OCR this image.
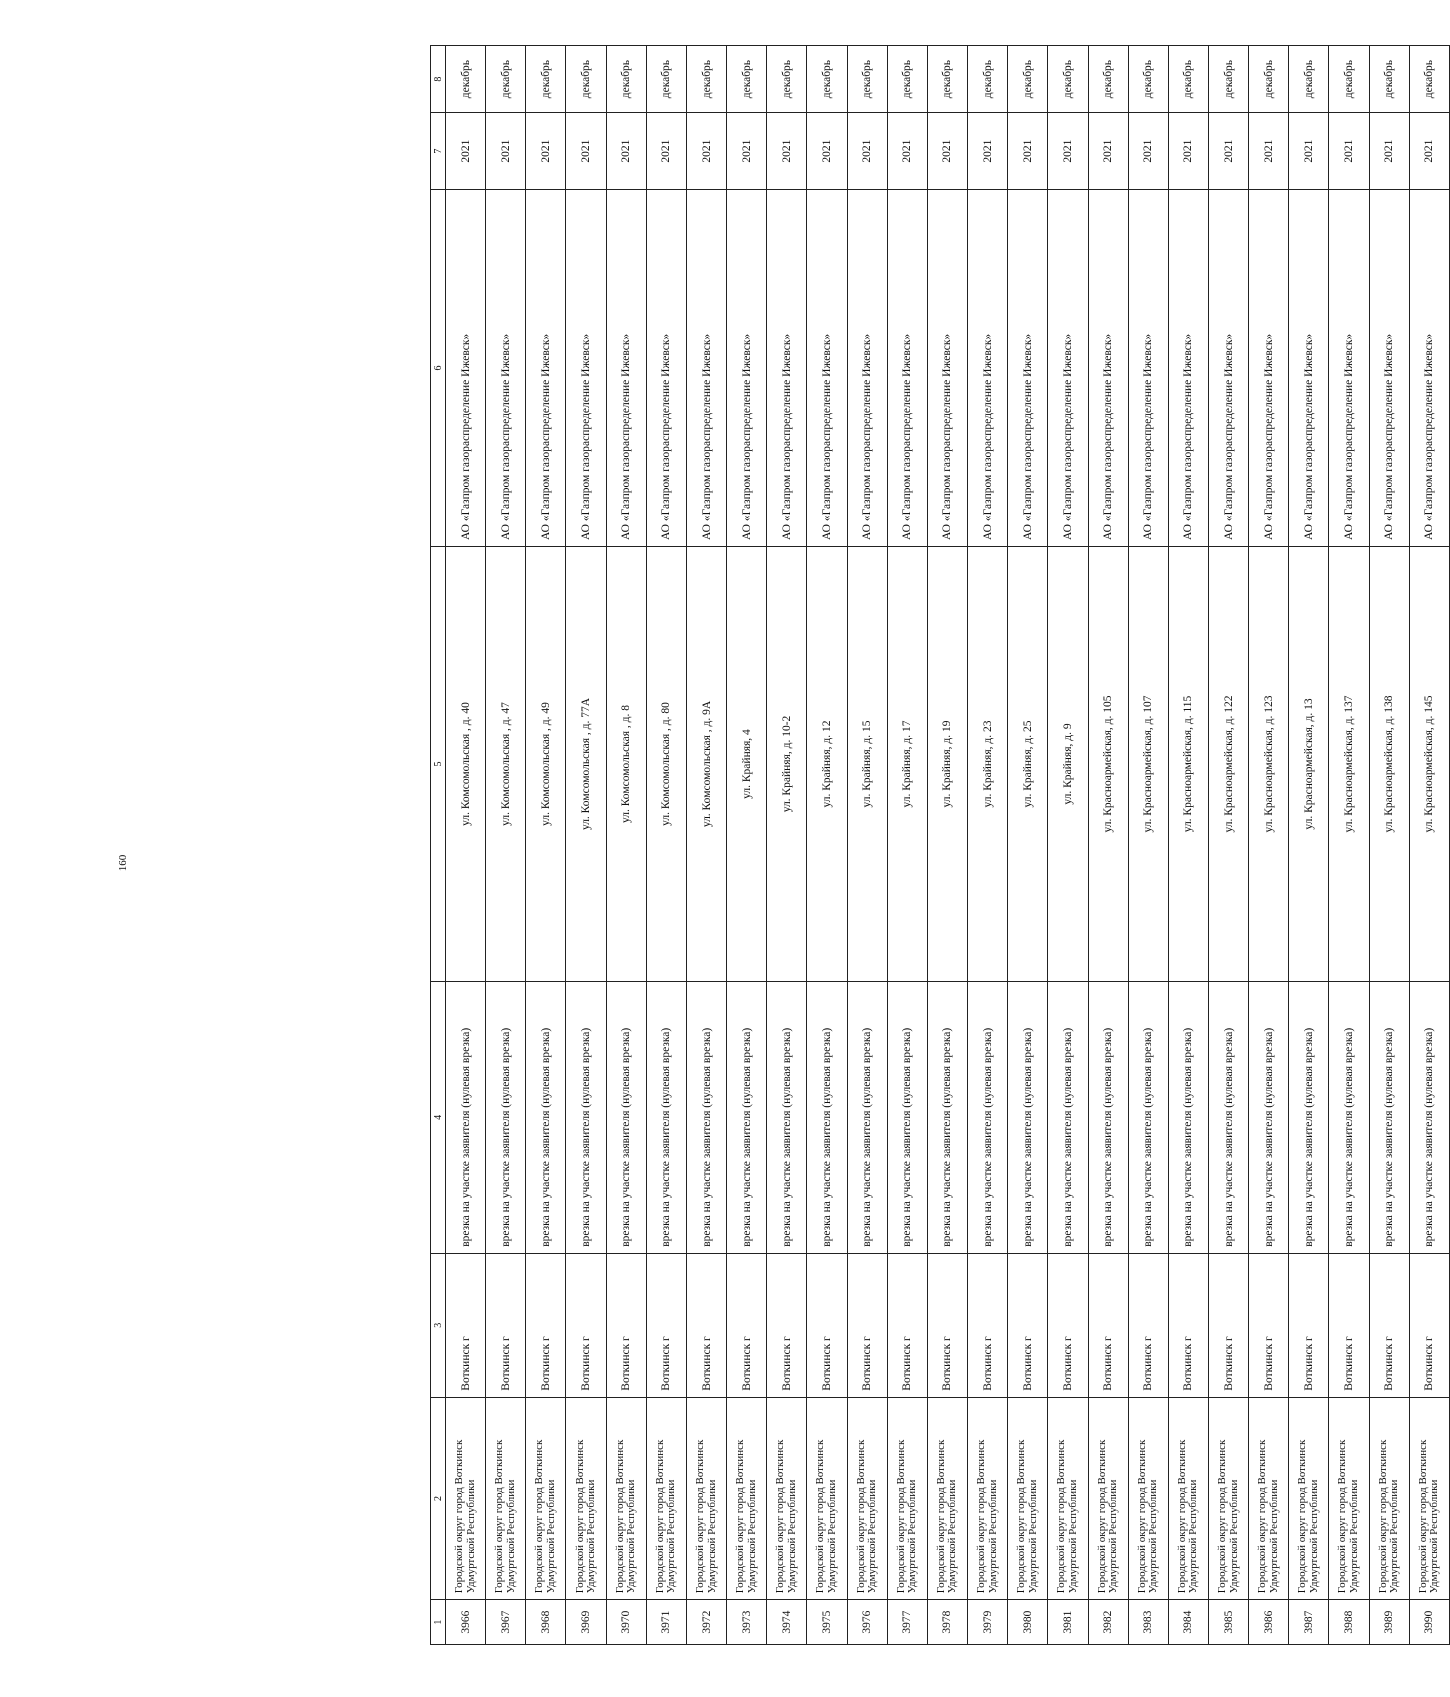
160
1	2	3	4	5	6	7	8
3966	Городской округ город Воткинск Удмуртской Республики	Воткинск г	врезка на участке заявителя (нулевая врезка)	ул. Комсомольская , д. 40	АО «Газпром газораспределение Ижевск»	2021	декабрь
3967	Городской округ город Воткинск Удмуртской Республики	Воткинск г	врезка на участке заявителя (нулевая врезка)	ул. Комсомольская , д. 47	АО «Газпром газораспределение Ижевск»	2021	декабрь
3968	Городской округ город Воткинск Удмуртской Республики	Воткинск г	врезка на участке заявителя (нулевая врезка)	ул. Комсомольская , д. 49	АО «Газпром газораспределение Ижевск»	2021	декабрь
3969	Городской округ город Воткинск Удмуртской Республики	Воткинск г	врезка на участке заявителя (нулевая врезка)	ул. Комсомольская , д. 77А	АО «Газпром газораспределение Ижевск»	2021	декабрь
3970	Городской округ город Воткинск Удмуртской Республики	Воткинск г	врезка на участке заявителя (нулевая врезка)	ул. Комсомольская , д. 8	АО «Газпром газораспределение Ижевск»	2021	декабрь
3971	Городской округ город Воткинск Удмуртской Республики	Воткинск г	врезка на участке заявителя (нулевая врезка)	ул. Комсомольская , д. 80	АО «Газпром газораспределение Ижевск»	2021	декабрь
3972	Городской округ город Воткинск Удмуртской Республики	Воткинск г	врезка на участке заявителя (нулевая врезка)	ул. Комсомольская , д. 9А	АО «Газпром газораспределение Ижевск»	2021	декабрь
3973	Городской округ город Воткинск Удмуртской Республики	Воткинск г	врезка на участке заявителя (нулевая врезка)	ул. Крайняя, 4	АО «Газпром газораспределение Ижевск»	2021	декабрь
3974	Городской округ город Воткинск Удмуртской Республики	Воткинск г	врезка на участке заявителя (нулевая врезка)	ул. Крайняя, д. 10-2	АО «Газпром газораспределение Ижевск»	2021	декабрь
3975	Городской округ город Воткинск Удмуртской Республики	Воткинск г	врезка на участке заявителя (нулевая врезка)	ул. Крайняя, д. 12	АО «Газпром газораспределение Ижевск»	2021	декабрь
3976	Городской округ город Воткинск Удмуртской Республики	Воткинск г	врезка на участке заявителя (нулевая врезка)	ул. Крайняя, д. 15	АО «Газпром газораспределение Ижевск»	2021	декабрь
3977	Городской округ город Воткинск Удмуртской Республики	Воткинск г	врезка на участке заявителя (нулевая врезка)	ул. Крайняя, д. 17	АО «Газпром газораспределение Ижевск»	2021	декабрь
3978	Городской округ город Воткинск Удмуртской Республики	Воткинск г	врезка на участке заявителя (нулевая врезка)	ул. Крайняя, д. 19	АО «Газпром газораспределение Ижевск»	2021	декабрь
3979	Городской округ город Воткинск Удмуртской Республики	Воткинск г	врезка на участке заявителя (нулевая врезка)	ул. Крайняя, д. 23	АО «Газпром газораспределение Ижевск»	2021	декабрь
3980	Городской округ город Воткинск Удмуртской Республики	Воткинск г	врезка на участке заявителя (нулевая врезка)	ул. Крайняя, д. 25	АО «Газпром газораспределение Ижевск»	2021	декабрь
3981	Городской округ город Воткинск Удмуртской Республики	Воткинск г	врезка на участке заявителя (нулевая врезка)	ул. Крайняя, д. 9	АО «Газпром газораспределение Ижевск»	2021	декабрь
3982	Городской округ город Воткинск Удмуртской Республики	Воткинск г	врезка на участке заявителя (нулевая врезка)	ул. Красноармейская, д. 105	АО «Газпром газораспределение Ижевск»	2021	декабрь
3983	Городской округ город Воткинск Удмуртской Республики	Воткинск г	врезка на участке заявителя (нулевая врезка)	ул. Красноармейская, д. 107	АО «Газпром газораспределение Ижевск»	2021	декабрь
3984	Городской округ город Воткинск Удмуртской Республики	Воткинск г	врезка на участке заявителя (нулевая врезка)	ул. Красноармейская, д. 115	АО «Газпром газораспределение Ижевск»	2021	декабрь
3985	Городской округ город Воткинск Удмуртской Республики	Воткинск г	врезка на участке заявителя (нулевая врезка)	ул. Красноармейская, д. 122	АО «Газпром газораспределение Ижевск»	2021	декабрь
3986	Городской округ город Воткинск Удмуртской Республики	Воткинск г	врезка на участке заявителя (нулевая врезка)	ул. Красноармейская, д. 123	АО «Газпром газораспределение Ижевск»	2021	декабрь
3987	Городской округ город Воткинск Удмуртской Республики	Воткинск г	врезка на участке заявителя (нулевая врезка)	ул. Красноармейская, д. 13	АО «Газпром газораспределение Ижевск»	2021	декабрь
3988	Городской округ город Воткинск Удмуртской Республики	Воткинск г	врезка на участке заявителя (нулевая врезка)	ул. Красноармейская, д. 137	АО «Газпром газораспределение Ижевск»	2021	декабрь
3989	Городской округ город Воткинск Удмуртской Республики	Воткинск г	врезка на участке заявителя (нулевая врезка)	ул. Красноармейская, д. 138	АО «Газпром газораспределение Ижевск»	2021	декабрь
3990	Городской округ город Воткинск Удмуртской Республики	Воткинск г	врезка на участке заявителя (нулевая врезка)	ул. Красноармейская, д. 145	АО «Газпром газораспределение Ижевск»	2021	декабрь
